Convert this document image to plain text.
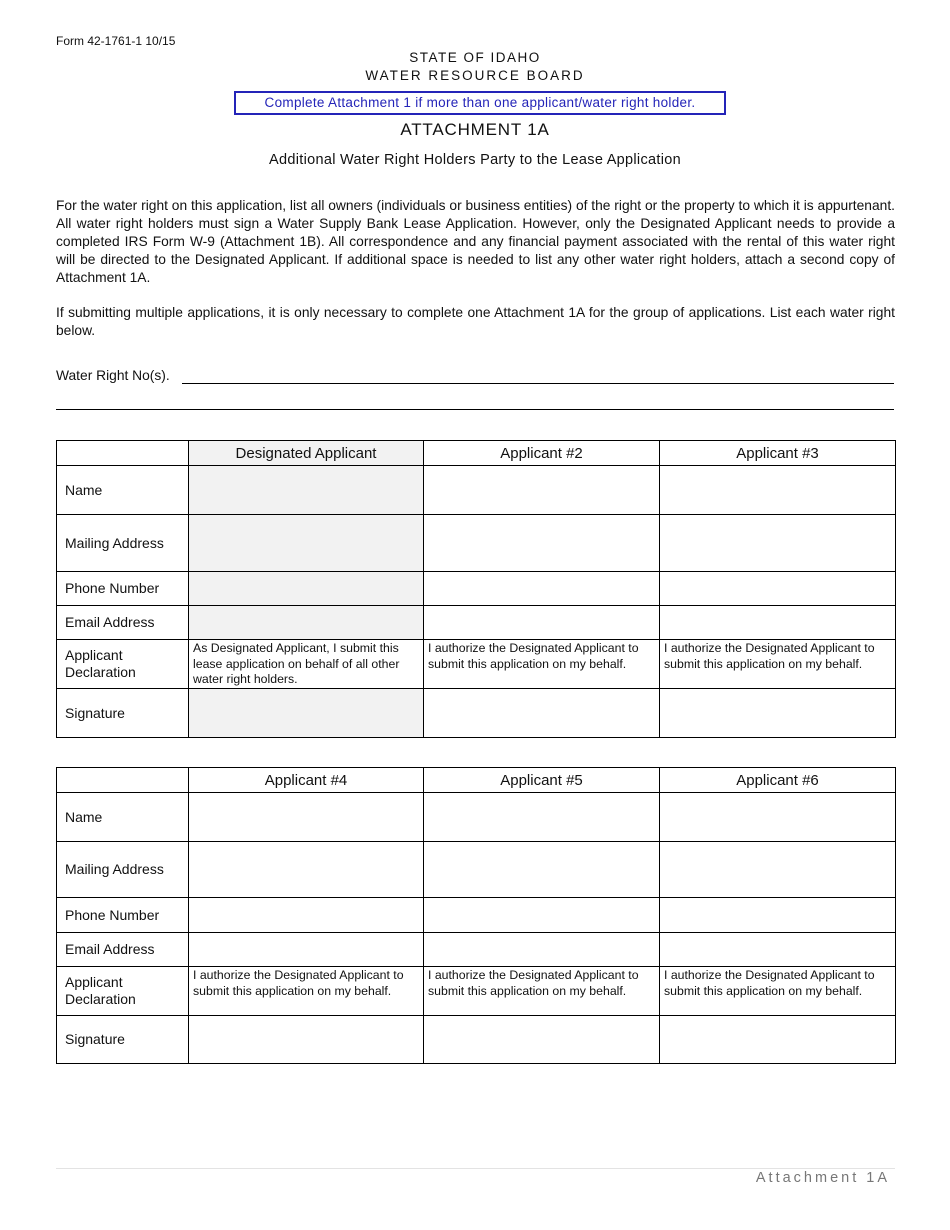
Form 42-1761-1 10/15
STATE OF IDAHO
WATER RESOURCE BOARD
Complete Attachment 1 if more than one applicant/water right holder.
ATTACHMENT 1A
Additional Water Right Holders Party to the Lease Application
For the water right on this application, list all owners (individuals or business entities) of the right or the property to which it is appurtenant. All water right holders must sign a Water Supply Bank Lease Application. However, only the Designated Applicant needs to provide a completed IRS Form W-9 (Attachment 1B). All correspondence and any financial payment associated with the rental of this water right will be directed to the Designated Applicant. If additional space is needed to list any other water right holders, attach a second copy of Attachment 1A.
If submitting multiple applications, it is only necessary to complete one Attachment 1A for the group of applications. List each water right below.
Water Right No(s).
	Designated Applicant	Applicant #2	Applicant #3
Name			
Mailing Address			
Phone Number			
Email Address			
Applicant Declaration	As Designated Applicant, I submit this lease application on behalf of all other water right holders.	I authorize the Designated Applicant to submit this application on my behalf.	I authorize the Designated Applicant to submit this application on my behalf.
Signature			
	Applicant #4	Applicant #5	Applicant #6
Name			
Mailing Address			
Phone Number			
Email Address			
Applicant Declaration	I authorize the Designated Applicant to submit this application on my behalf.	I authorize the Designated Applicant to submit this application on my behalf.	I authorize the Designated Applicant to submit this application on my behalf.
Signature			
Attachment 1A
